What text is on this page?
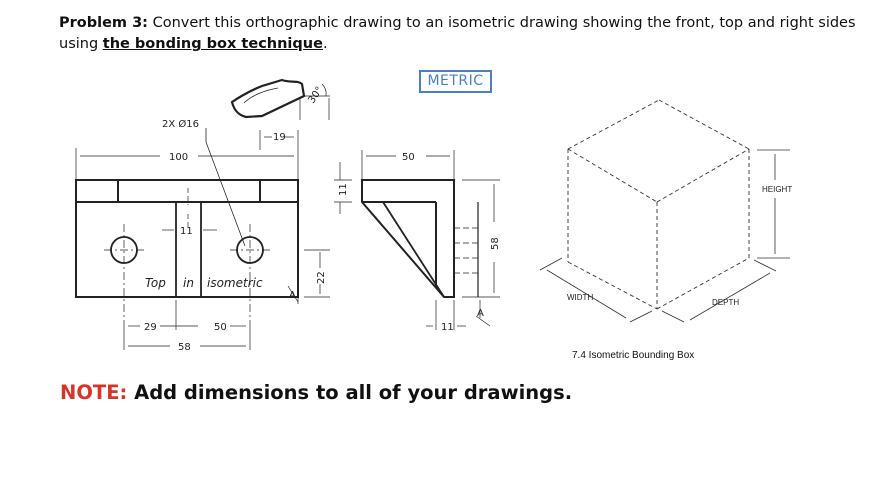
Problem 3: Convert this orthographic drawing to an isometric drawing showing the front, top and right sides using the bonding box technique.
METRIC
2X Ø16
30°
19
100	50
11
11
58
22
29	50
58
11
A
A
Top in isometric
HEIGHT
WIDTH
DEPTH
7.4 Isometric Bounding Box
NOTE: Add dimensions to all of your drawings.
